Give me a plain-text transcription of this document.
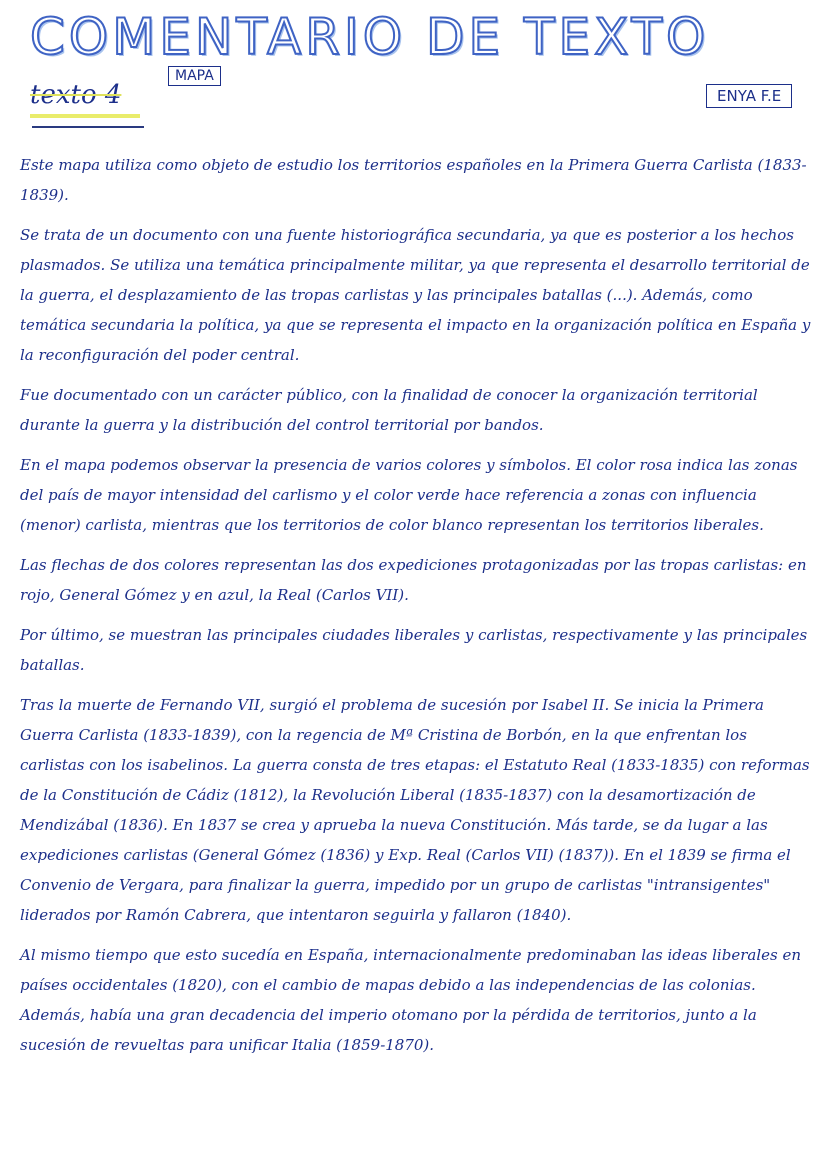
COMENTARIO DE TEXTO
texto 4
MAPA
ENYA F.E

Este mapa utiliza como objeto de estudio los territorios españoles en la Primera Guerra Carlista (1833-1839).

Se trata de un documento con una fuente historiográfica secundaria, ya que es posterior a los hechos plasmados. Se utiliza una temática principalmente militar, ya que representa el desarrollo territorial de la guerra, el desplazamiento de las tropas carlistas y las principales batallas (...). Además, como temática secundaria la política, ya que se representa el impacto en la organización política en España y la reconfiguración del poder central.

Fue documentado con un carácter público, con la finalidad de conocer la organización territorial durante la guerra y la distribución del control territorial por bandos.

En el mapa podemos observar la presencia de varios colores y símbolos. El color rosa indica las zonas del país de mayor intensidad del carlismo y el color verde hace referencia a zonas con influencia (menor) carlista, mientras que los territorios de color blanco representan los territorios liberales.

Las flechas de dos colores representan las dos expediciones protagonizadas por las tropas carlistas: en rojo, General Gómez y en azul, la Real (Carlos VII).

Por último, se muestran las principales ciudades liberales y carlistas, respectivamente y las principales batallas.

Tras la muerte de Fernando VII, surgió el problema de sucesión por Isabel II. Se inicia la Primera Guerra Carlista (1833-1839), con la regencia de Mª Cristina de Borbón, en la que enfrentan los carlistas con los isabelinos. La guerra consta de tres etapas: el Estatuto Real (1833-1835) con reformas de la Constitución de Cádiz (1812), la Revolución Liberal (1835-1837) con la desamortización de Mendizábal (1836). En 1837 se crea y aprueba la nueva Constitución. Más tarde, se da lugar a las expediciones carlistas (General Gómez (1836) y Exp. Real (Carlos VII) (1837)). En el 1839 se firma el Convenio de Vergara, para finalizar la guerra, impedido por un grupo de carlistas "intransigentes" liderados por Ramón Cabrera, que intentaron seguirla y fallaron (1840).

Al mismo tiempo que esto sucedía en España, internacionalmente predominaban las ideas liberales en países occidentales (1820), con el cambio de mapas debido a las independencias de las colonias. Además, había una gran decadencia del imperio otomano por la pérdida de territorios, junto a la sucesión de revueltas para unificar Italia (1859-1870).
